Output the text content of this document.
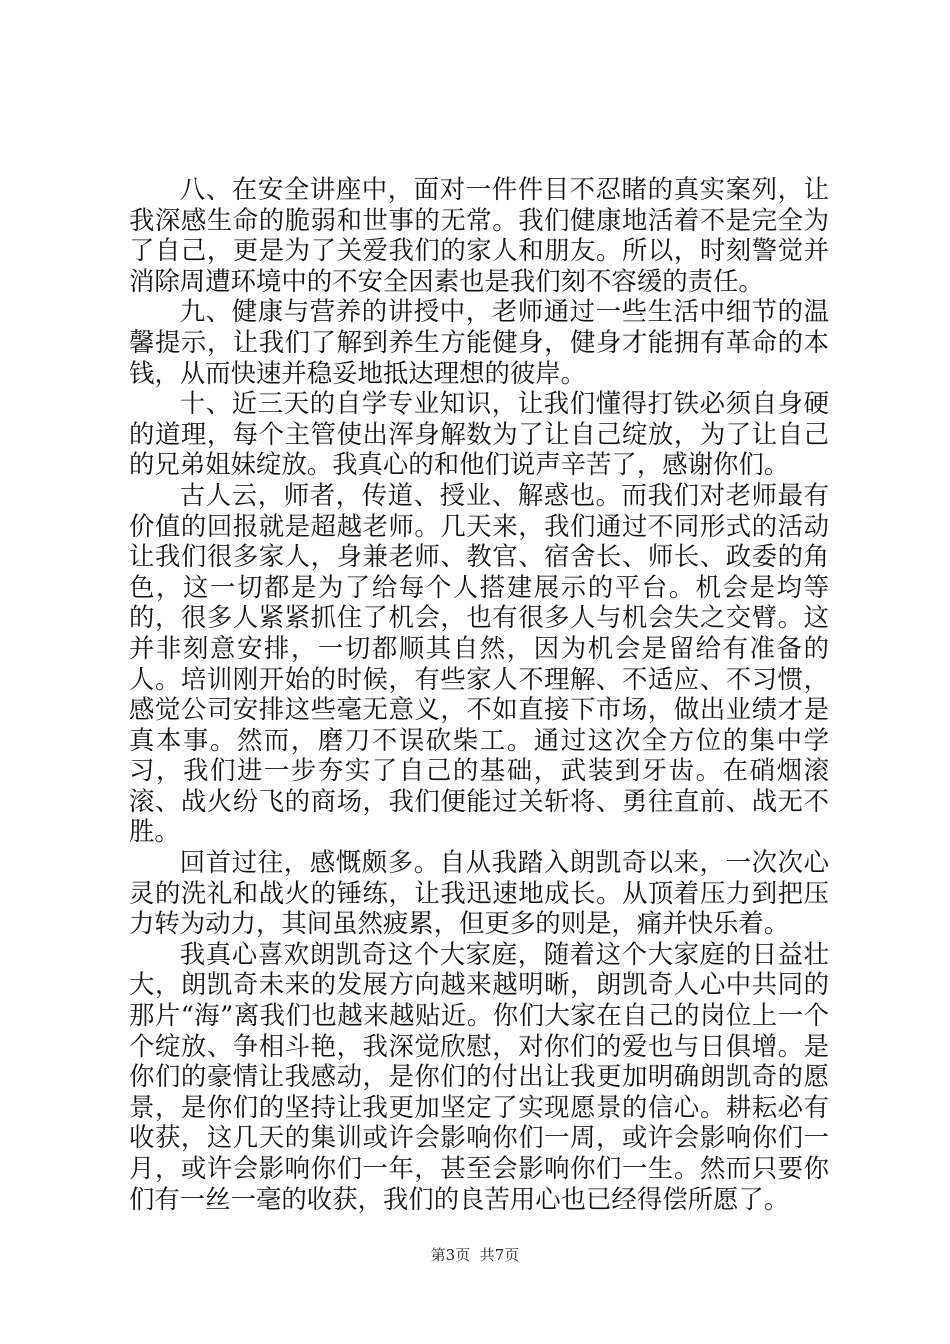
八、在安全讲座中，面对一件件目不忍睹的真实案列，让我深感生命的脆弱和世事的无常。我们健康地活着不是完全为了自己，更是为了关爱我们的家人和朋友。所以，时刻警觉并消除周遭环境中的不安全因素也是我们刻不容缓的责任。

九、健康与营养的讲授中，老师通过一些生活中细节的温馨提示，让我们了解到养生方能健身，健身才能拥有革命的本钱，从而快速并稳妥地抵达理想的彼岸。

十、近三天的自学专业知识，让我们懂得打铁必须自身硬的道理，每个主管使出浑身解数为了让自己绽放，为了让自己的兄弟姐妹绽放。我真心的和他们说声辛苦了，感谢你们。

古人云，师者，传道、授业、解惑也。而我们对老师最有价值的回报就是超越老师。几天来，我们通过不同形式的活动让我们很多家人，身兼老师、教官、宿舍长、师长、政委的角色，这一切都是为了给每个人搭建展示的平台。机会是均等的，很多人紧紧抓住了机会，也有很多人与机会失之交臂。这并非刻意安排，一切都顺其自然，因为机会是留给有准备的人。培训刚开始的时候，有些家人不理解、不适应、不习惯，感觉公司安排这些毫无意义，不如直接下市场，做出业绩才是真本事。然而，磨刀不误砍柴工。通过这次全方位的集中学习，我们进一步夯实了自己的基础，武装到牙齿。在硝烟滚滚、战火纷飞的商场，我们便能过关斩将、勇往直前、战无不胜。

回首过往，感慨颇多。自从我踏入朗凯奇以来，一次次心灵的洗礼和战火的锤练，让我迅速地成长。从顶着压力到把压力转为动力，其间虽然疲累，但更多的则是，痛并快乐着。

我真心喜欢朗凯奇这个大家庭，随着这个大家庭的日益壮大，朗凯奇未来的发展方向越来越明晰，朗凯奇人心中共同的那片“海”离我们也越来越贴近。你们大家在自己的岗位上一个个绽放、争相斗艳，我深觉欣慰，对你们的爱也与日俱增。是你们的豪情让我感动，是你们的付出让我更加明确朗凯奇的愿景，是你们的坚持让我更加坚定了实现愿景的信心。耕耘必有收获，这几天的集训或许会影响你们一周，或许会影响你们一月，或许会影响你们一年，甚至会影响你们一生。然而只要你们有一丝一毫的收获，我们的良苦用心也已经得偿所愿了。

第3页 共7页
